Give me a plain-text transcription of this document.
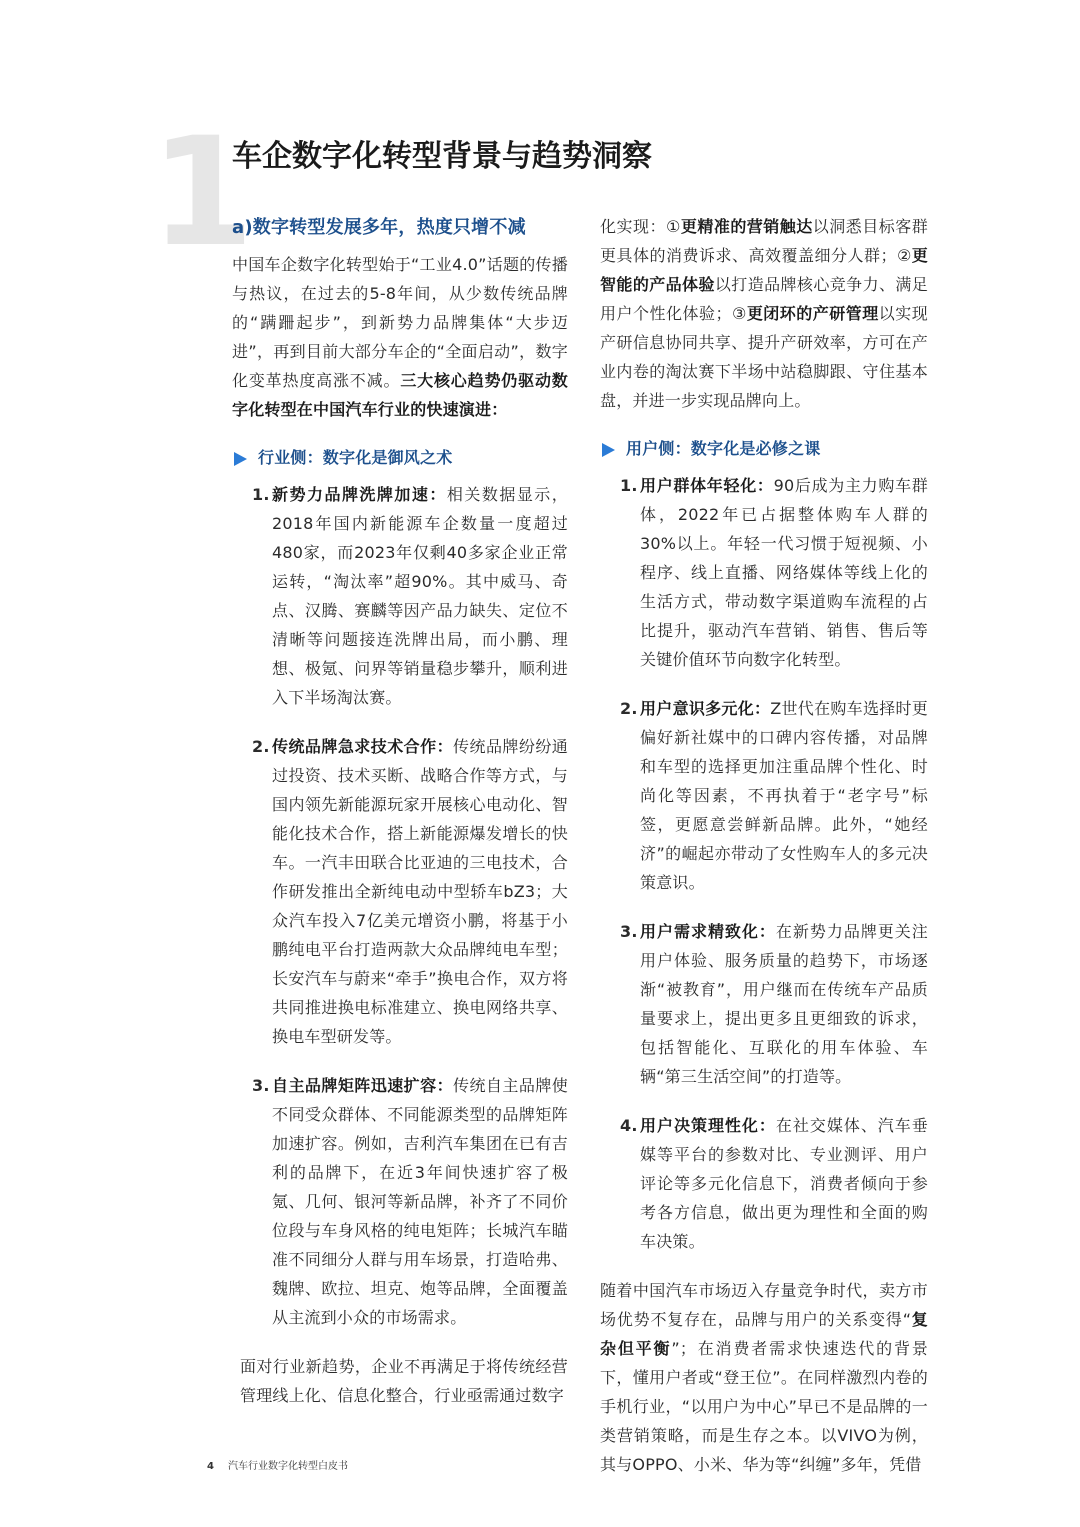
1
车企数字化转型背景与趋势洞察
a)数字转型发展多年，热度只增不减

中国车企数字化转型始于“工业4.0”话题的传播与热议，在过去的5-8年间，从少数传统品牌的“蹒跚起步”，到新势力品牌集体“大步迈进”，再到目前大部分车企的“全面启动”，数字化变革热度高涨不减。三大核心趋势仍驱动数字化转型在中国汽车行业的快速演进：

行业侧：数字化是御风之术
1. 新势力品牌洗牌加速：相关数据显示，2018年国内新能源车企数量一度超过480家，而2023年仅剩40多家企业正常运转，“淘汰率”超90%。其中威马、奇点、汉腾、赛麟等因产品力缺失、定位不清晰等问题接连洗牌出局，而小鹏、理想、极氪、问界等销量稳步攀升，顺利进入下半场淘汰赛。
2. 传统品牌急求技术合作：传统品牌纷纷通过投资、技术买断、战略合作等方式，与国内领先新能源玩家开展核心电动化、智能化技术合作，搭上新能源爆发增长的快车。一汽丰田联合比亚迪的三电技术，合作研发推出全新纯电动中型轿车bZ3；大众汽车投入7亿美元增资小鹏，将基于小鹏纯电平台打造两款大众品牌纯电车型；长安汽车与蔚来“牵手”换电合作，双方将共同推进换电标准建立、换电网络共享、换电车型研发等。
3. 自主品牌矩阵迅速扩容：传统自主品牌使不同受众群体、不同能源类型的品牌矩阵加速扩容。例如，吉利汽车集团在已有吉利的品牌下，在近3年间快速扩容了极氪、几何、银河等新品牌，补齐了不同价位段与车身风格的纯电矩阵；长城汽车瞄准不同细分人群与用车场景，打造哈弗、魏牌、欧拉、坦克、炮等品牌，全面覆盖从主流到小众的市场需求。

面对行业新趋势，企业不再满足于将传统经营管理线上化、信息化整合，行业亟需通过数字

化实现：①更精准的营销触达以洞悉目标客群更具体的消费诉求、高效覆盖细分人群；②更智能的产品体验以打造品牌核心竞争力、满足用户个性化体验；③更闭环的产研管理以实现产研信息协同共享、提升产研效率，方可在产业内卷的淘汰赛下半场中站稳脚跟、守住基本盘，并进一步实现品牌向上。

用户侧：数字化是必修之课
1. 用户群体年轻化：90后成为主力购车群体，2022年已占据整体购车人群的30%以上。年轻一代习惯于短视频、小程序、线上直播、网络媒体等线上化的生活方式，带动数字渠道购车流程的占比提升，驱动汽车营销、销售、售后等关键价值环节向数字化转型。
2. 用户意识多元化：Z世代在购车选择时更偏好新社媒中的口碑内容传播，对品牌和车型的选择更加注重品牌个性化、时尚化等因素，不再执着于“老字号”标签，更愿意尝鲜新品牌。此外，“她经济”的崛起亦带动了女性购车人的多元决策意识。
3. 用户需求精致化：在新势力品牌更关注用户体验、服务质量的趋势下，市场逐渐“被教育”，用户继而在传统车产品质量要求上，提出更多且更细致的诉求，包括智能化、互联化的用车体验、车辆“第三生活空间”的打造等。
4. 用户决策理性化：在社交媒体、汽车垂媒等平台的参数对比、专业测评、用户评论等多元化信息下，消费者倾向于参考各方信息，做出更为理性和全面的购车决策。

随着中国汽车市场迈入存量竞争时代，卖方市场优势不复存在，品牌与用户的关系变得“复杂但平衡”；在消费者需求快速迭代的背景下，懂用户者或“登王位”。在同样激烈内卷的手机行业，“以用户为中心”早已不是品牌的一类营销策略，而是生存之本。以VIVO为例，其与OPPO、小米、华为等“纠缠”多年，凭借

4 汽车行业数字化转型白皮书
